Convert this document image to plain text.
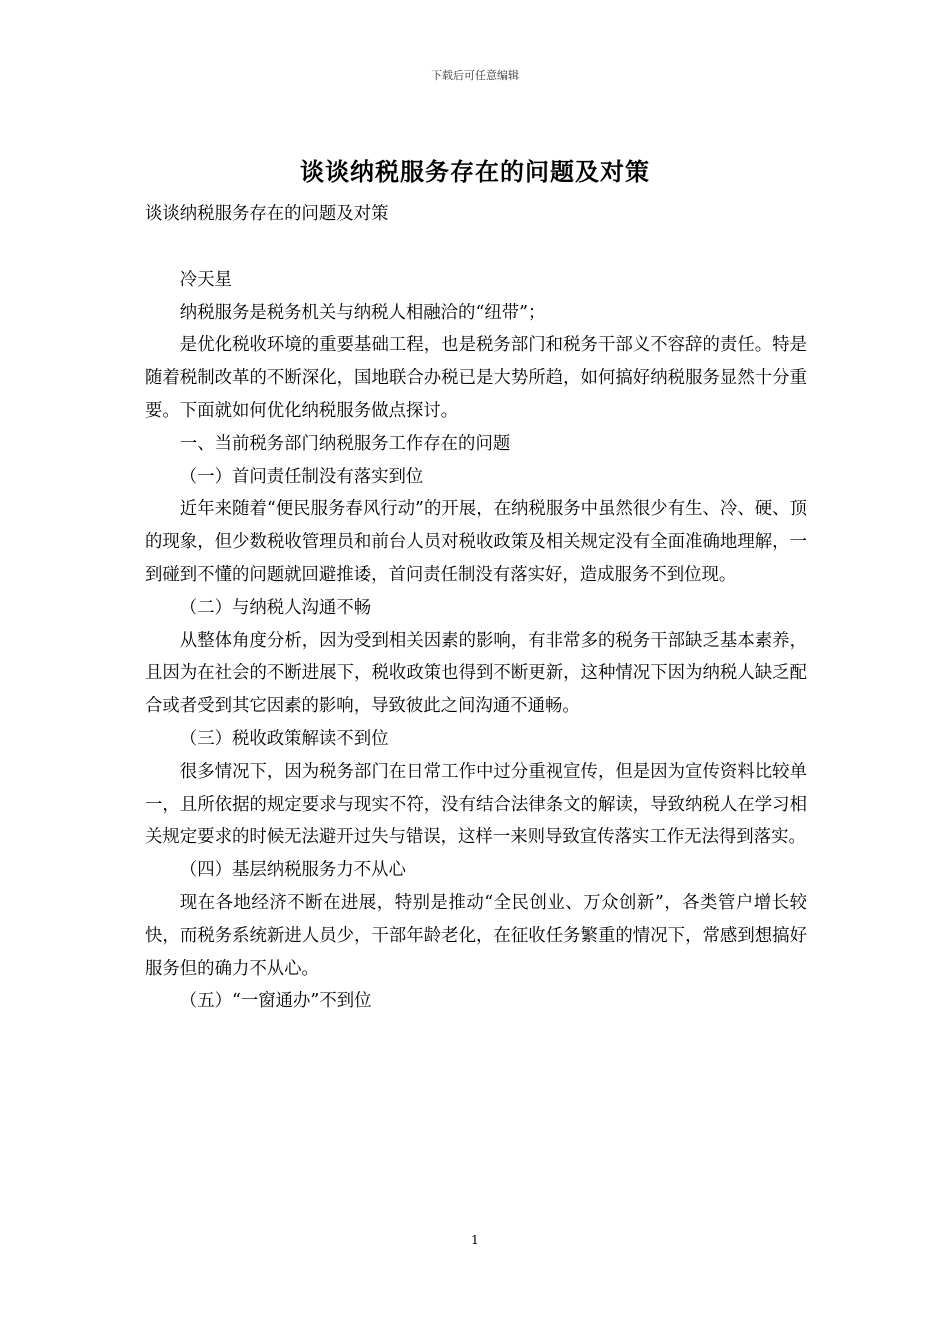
下载后可任意编辑
谈谈纳税服务存在的问题及对策

谈谈纳税服务存在的问题及对策

冷天星

纳税服务是税务机关与纳税人相融洽的“纽带”；

是优化税收环境的重要基础工程，也是税务部门和税务干部义不容辞的责任。特是随着税制改革的不断深化，国地联合办税已是大势所趋，如何搞好纳税服务显然十分重要。下面就如何优化纳税服务做点探讨。

一、当前税务部门纳税服务工作存在的问题

（一）首问责任制没有落实到位

近年来随着“便民服务春风行动”的开展，在纳税服务中虽然很少有生、冷、硬、顶的现象，但少数税收管理员和前台人员对税收政策及相关规定没有全面准确地理解，一到碰到不懂的问题就回避推诿，首问责任制没有落实好，造成服务不到位现。

（二）与纳税人沟通不畅

从整体角度分析，因为受到相关因素的影响，有非常多的税务干部缺乏基本素养，且因为在社会的不断进展下，税收政策也得到不断更新，这种情况下因为纳税人缺乏配合或者受到其它因素的影响，导致彼此之间沟通不通畅。

（三）税收政策解读不到位

很多情况下，因为税务部门在日常工作中过分重视宣传，但是因为宣传资料比较单一，且所依据的规定要求与现实不符，没有结合法律条文的解读，导致纳税人在学习相关规定要求的时候无法避开过失与错误，这样一来则导致宣传落实工作无法得到落实。

（四）基层纳税服务力不从心

现在各地经济不断在进展，特别是推动“全民创业、万众创新”，各类管户增长较快，而税务系统新进人员少，干部年龄老化，在征收任务繁重的情况下，常感到想搞好服务但的确力不从心。

（五）“一窗通办”不到位

1
